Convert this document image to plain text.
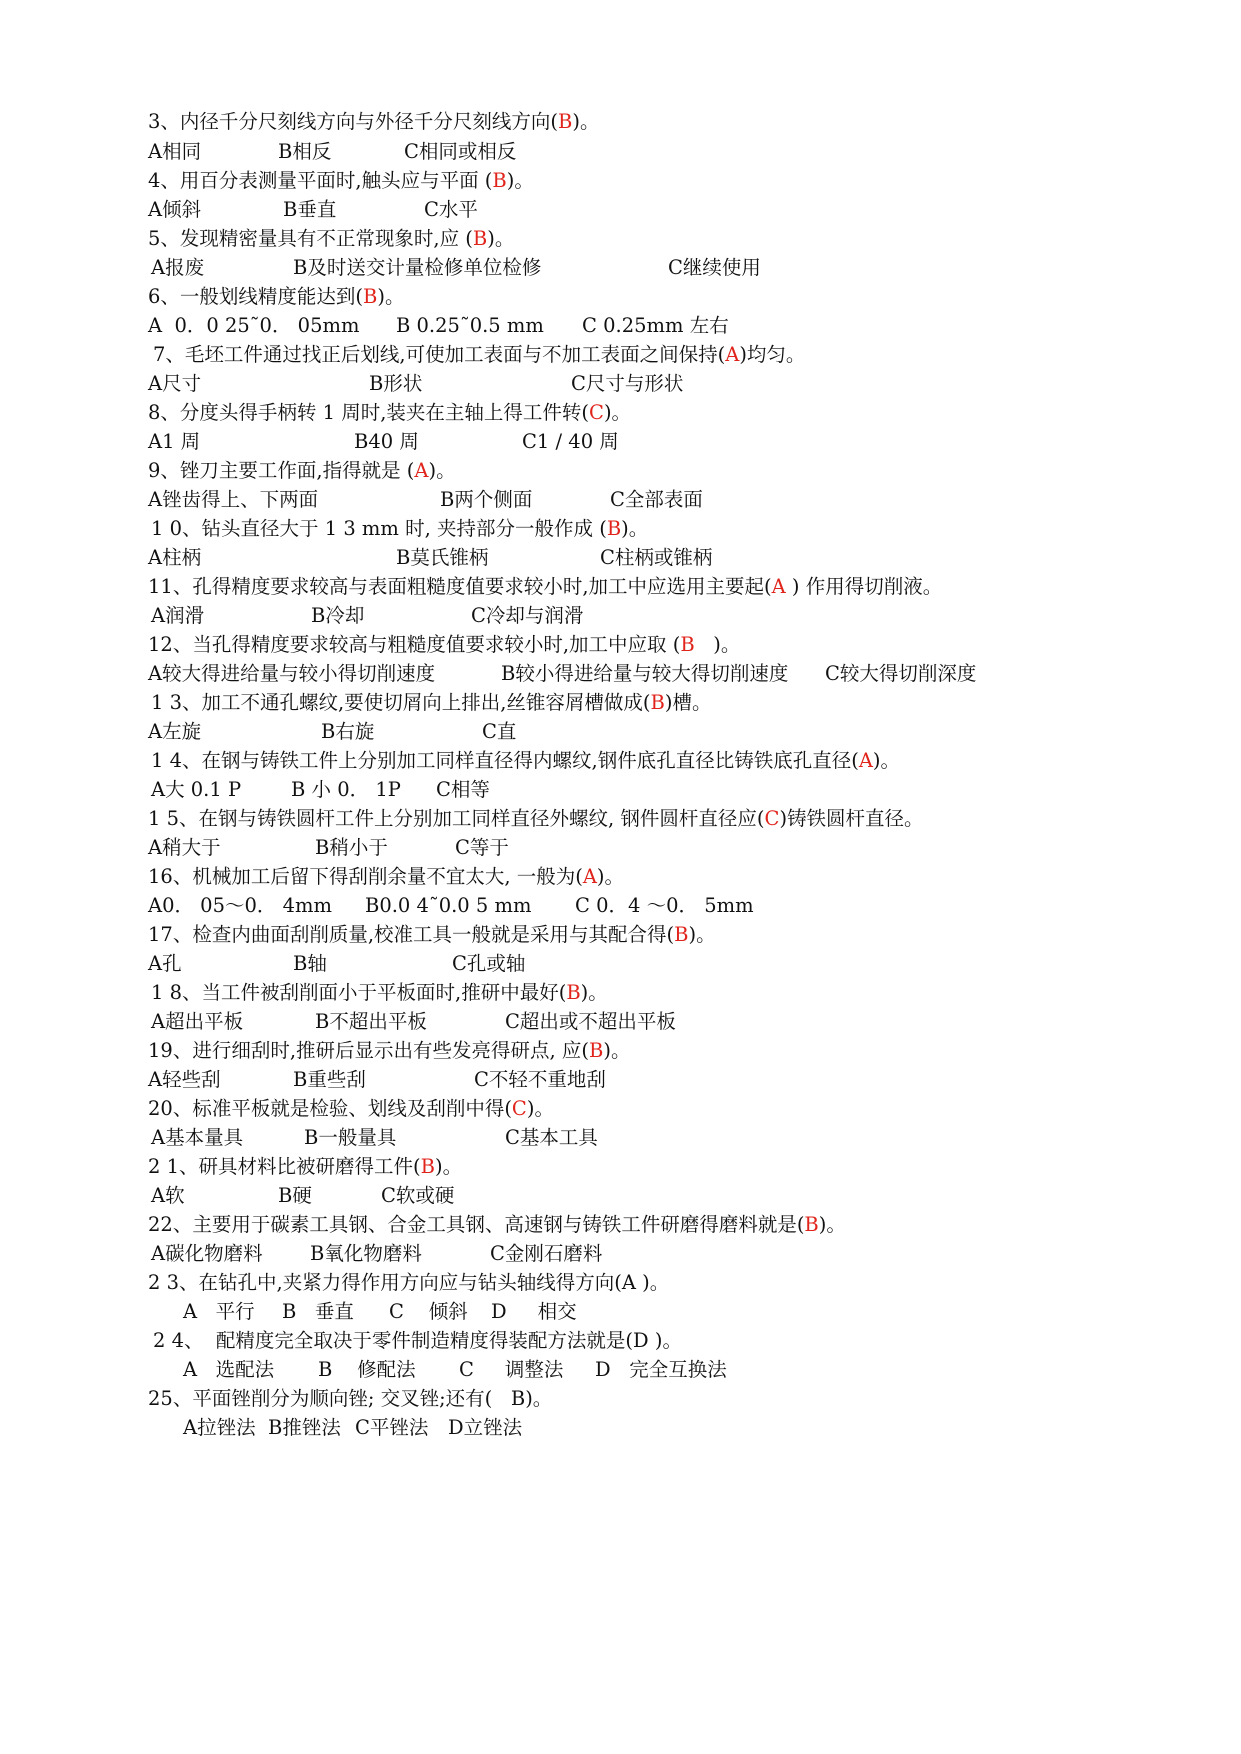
3、内径千分尺刻线方向与外径千分尺刻线方向(B)。
A相同	B相反	C相同或相反
4、用百分表测量平面时,触头应与平面 (B)。
A倾斜	B垂直	C水平
5、发现精密量具有不正常现象时,应 (B)。
A报废	B及时送交计量检修单位检修	C继续使用
6、一般划线精度能达到(B)。
A  0．0 25˜0． 05mm B 0.25˜0.5 mm C 0.25mm 左右
7、毛坯工件通过找正后划线,可使加工表面与不加工表面之间保持(A)均匀。
A尺寸	B形状	C尺寸与形状
8、分度头得手柄转 1 周时,装夹在主轴上得工件转(C)。
A1 周	B40 周	C1 / 40 周
9、锉刀主要工作面,指得就是 (A)。
A锉齿得上、下两面	B两个侧面	C全部表面
1 0、钻头直径大于 1 3 mm 时, 夹持部分一般作成 (B)。
A柱柄	B莫氏锥柄	C柱柄或锥柄
11、孔得精度要求较高与表面粗糙度值要求较小时,加工中应选用主要起(A ) 作用得切削液。
A润滑	B冷却	C冷却与润滑
12、当孔得精度要求较高与粗糙度值要求较小时,加工中应取 (B   )。
A较大得进给量与较小得切削速度	B较小得进给量与较大得切削速度 C较大得切削深度
1 3、加工不通孔螺纹,要使切屑向上排出,丝锥容屑槽做成(B)槽。
A左旋	B右旋	C直
1 4、在钢与铸铁工件上分别加工同样直径得内螺纹,钢件底孔直径比铸铁底孔直径(A)。
A大 0.1 P	B 小 0． 1P C相等
1 5、在钢与铸铁圆杆工件上分别加工同样直径外螺纹, 钢件圆杆直径应(C)铸铁圆杆直径。
A稍大于	B稍小于	C等于
16、机械加工后留下得刮削余量不宜太大, 一般为(A)。
A0． 05～0． 4mm B0.0 4˜0.0 5 mm C 0．4 ～0． 5mm
17、检查内曲面刮削质量,校准工具一般就是采用与其配合得(B)。
A孔	B轴	C孔或轴
1 8、当工件被刮削面小于平板面时,推研中最好(B)。
A超出平板	B不超出平板	C超出或不超出平板
19、进行细刮时,推研后显示出有些发亮得研点, 应(B)。
A轻些刮	B重些刮	C不轻不重地刮
20、标准平板就是检验、划线及刮削中得(C)。
A基本量具	B一般量具	C基本工具
2 1、研具材料比被研磨得工件(B)。
A软	B硬	C软或硬
22、主要用于碳素工具钢、合金工具钢、高速钢与铸铁工件研磨得磨料就是(B)。
A碳化物磨料 B氧化物磨料	C金刚石磨料
2 3、在钻孔中,夹紧力得作用方向应与钻头轴线得方向(A )。
A   平行 B   垂直 C    倾斜 D     相交
2 4、  配精度完全取决于零件制造精度得装配方法就是(D )。
A   选配法 B    修配法 C     调整法 D   完全互换法
25、平面锉削分为顺向锉; 交叉锉;还有(   B)。
A拉锉法 B推锉法 C平锉法 D立锉法
